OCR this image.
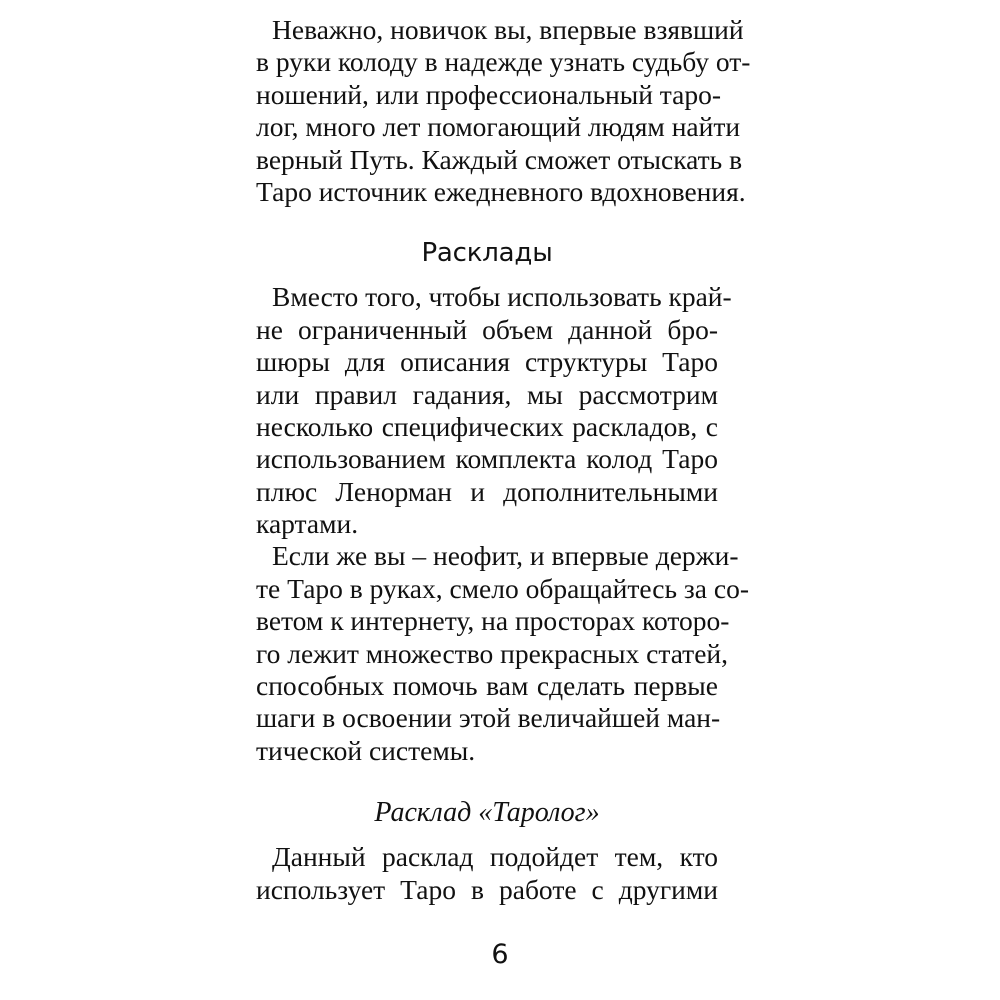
Неважно, новичок вы, впервые взявший
в руки колоду в надежде узнать судьбу от-
ношений, или профессиональный таро-
лог, много лет помогающий людям найти
верный Путь. Каждый сможет отыскать в
Таро источник ежедневного вдохновения.
Расклады
Вместо того, чтобы использовать край-
не ограниченный объем данной бро-
шюры для описания структуры Таро
или правил гадания, мы рассмотрим
несколько специфических раскладов, с
использованием комплекта колод Таро
плюс Ленорман и дополнительными
картами.
Если же вы – неофит, и впервые держи-
те Таро в руках, смело обращайтесь за со-
ветом к интернету, на просторах которо-
го лежит множество прекрасных статей,
способных помочь вам сделать первые
шаги в освоении этой величайшей ман-
тической системы.
Расклад «Таролог»
Данный расклад подойдет тем, кто
использует Таро в работе с другими
6
